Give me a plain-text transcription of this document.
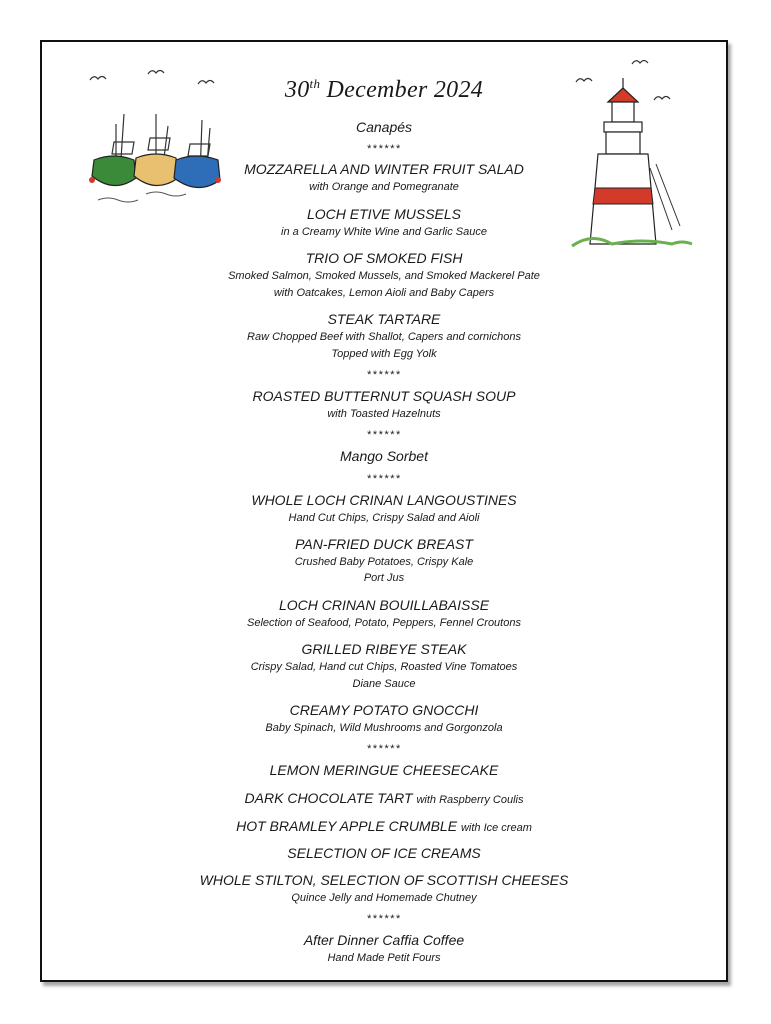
30th December 2024
Canapés
******
MOZZARELLA AND WINTER FRUIT SALAD
with Orange and Pomegranate
LOCH ETIVE MUSSELS
in a Creamy White Wine and Garlic Sauce
TRIO OF SMOKED FISH
Smoked Salmon, Smoked Mussels, and Smoked Mackerel Pate
with Oatcakes, Lemon Aioli and Baby Capers
STEAK TARTARE
Raw Chopped Beef with Shallot, Capers and cornichons
Topped with Egg Yolk
******
ROASTED BUTTERNUT SQUASH SOUP
with Toasted Hazelnuts
******
Mango Sorbet
******
WHOLE LOCH CRINAN LANGOUSTINES
Hand Cut Chips, Crispy Salad and Aioli
PAN-FRIED DUCK BREAST
Crushed Baby Potatoes, Crispy Kale
Port Jus
LOCH CRINAN BOUILLABAISSE
Selection of Seafood, Potato, Peppers, Fennel Croutons
GRILLED RIBEYE STEAK
Crispy Salad, Hand cut Chips, Roasted Vine Tomatoes
Diane Sauce
CREAMY POTATO GNOCCHI
Baby Spinach, Wild Mushrooms and Gorgonzola
******
LEMON MERINGUE CHEESECAKE
DARK CHOCOLATE TART with Raspberry Coulis
HOT BRAMLEY APPLE CRUMBLE with Ice cream
SELECTION OF ICE CREAMS
WHOLE STILTON, SELECTION OF SCOTTISH CHEESES
Quince Jelly and Homemade Chutney
******
After Dinner Caffia Coffee
Hand Made Petit Fours
